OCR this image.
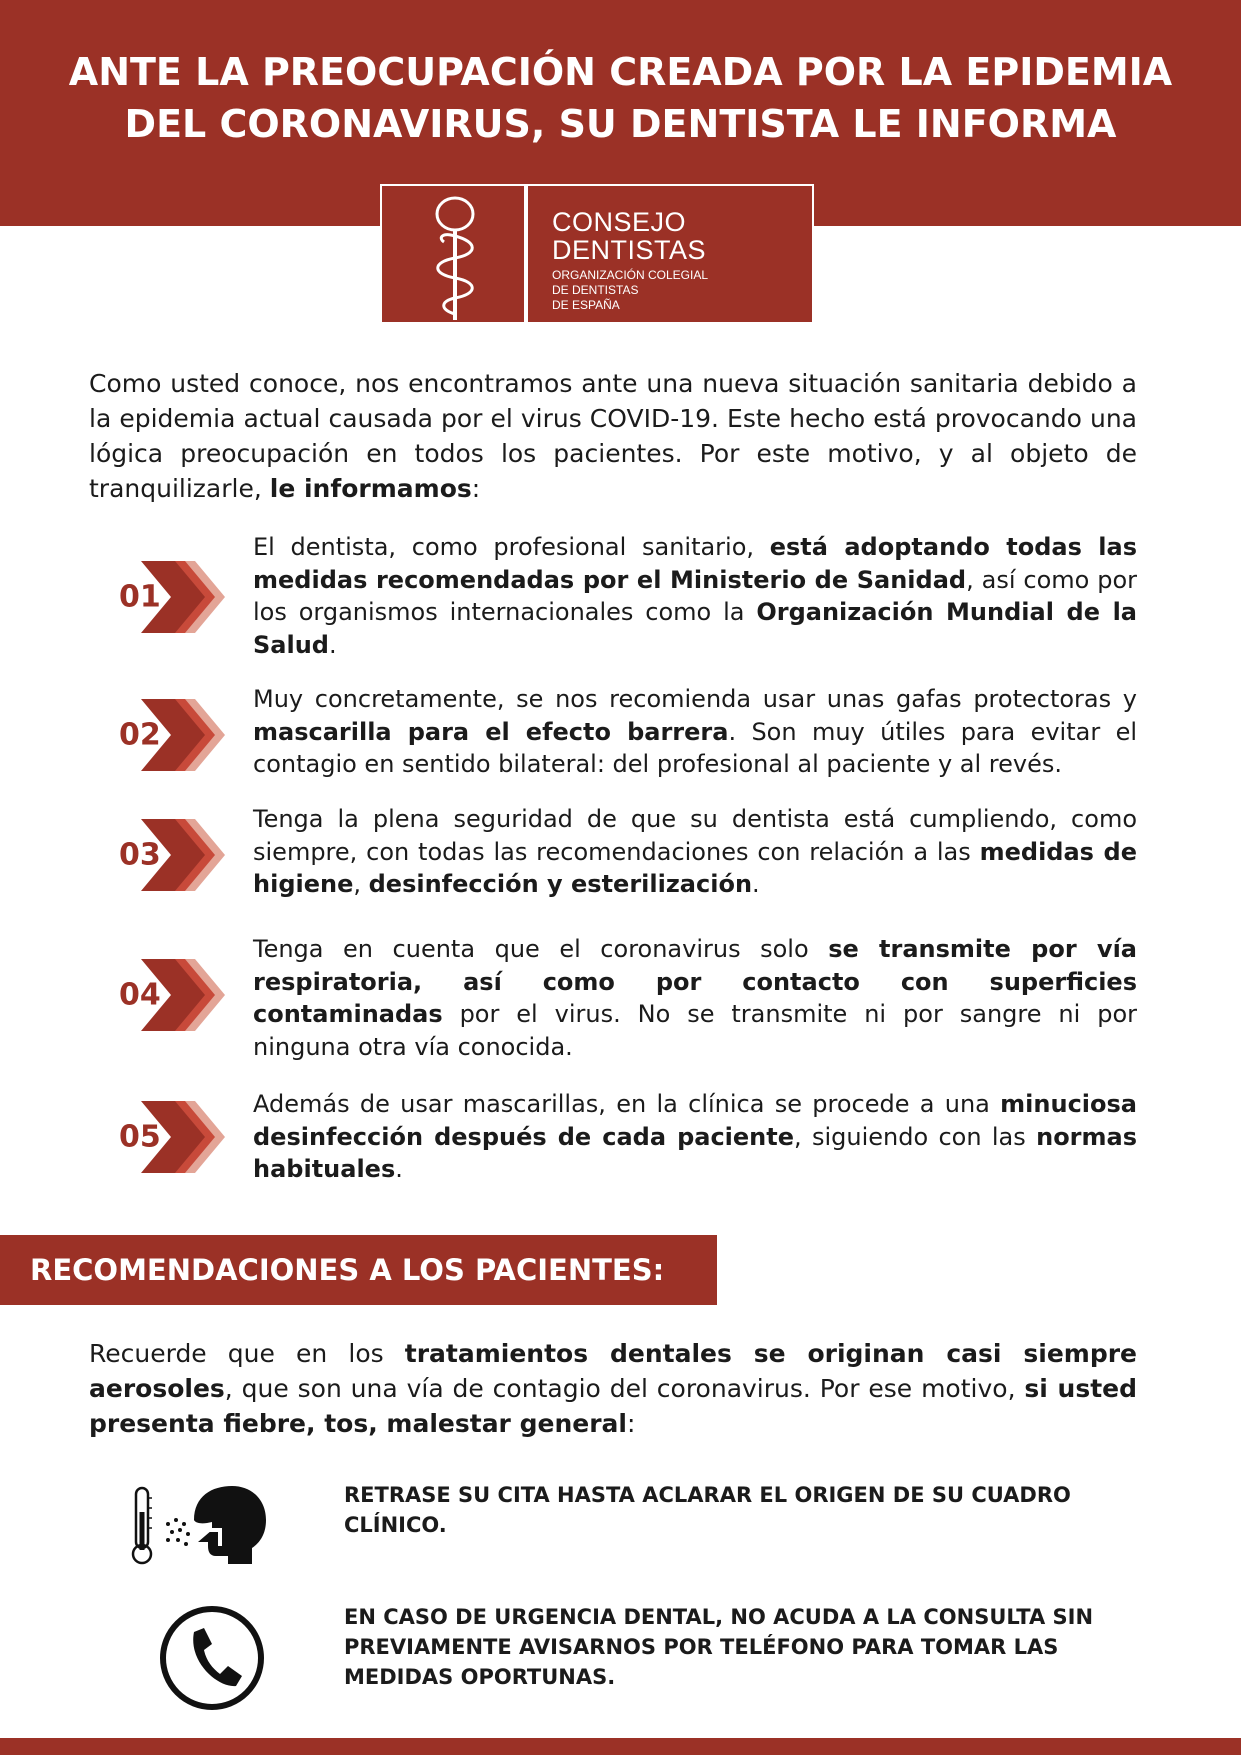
ANTE LA PREOCUPACIÓN CREADA POR LA EPIDEMIA
DEL CORONAVIRUS, SU DENTISTA LE INFORMA
CONSEJO
DENTISTAS
ORGANIZACIÓN COLEGIAL
DE DENTISTAS
DE ESPAÑA

Como usted conoce, nos encontramos ante una nueva situación sanitaria debido a la epidemia actual causada por el virus COVID-19. Este hecho está provocando una lógica preocupación en todos los pacientes. Por este motivo, y al objeto de tranquilizarle, le informamos:

01

El dentista, como profesional sanitario, está adoptando todas las medidas recomendadas por el Ministerio de Sanidad, así como por los organismos internacionales como la Organización Mundial de la Salud.

02

Muy concretamente, se nos recomienda usar unas gafas protectoras y mascarilla para el efecto barrera. Son muy útiles para evitar el contagio en sentido bilateral: del profesional al paciente y al revés.

03

Tenga la plena seguridad de que su dentista está cumpliendo, como siempre, con todas las recomendaciones con relación a las medidas de higiene, desinfección y esterilización.

04

Tenga en cuenta que el coronavirus solo se transmite por vía respiratoria, así como por contacto con superficies contaminadas por el virus. No se transmite ni por sangre ni por ninguna otra vía conocida.

05

Además de usar mascarillas, en la clínica se procede a una minuciosa desinfección después de cada paciente, siguiendo con las normas habituales.

RECOMENDACIONES A LOS PACIENTES:

Recuerde que en los tratamientos dentales se originan casi siempre aerosoles, que son una vía de contagio del coronavirus. Por ese motivo, si usted presenta fiebre, tos, malestar general:

RETRASE SU CITA HASTA ACLARAR EL ORIGEN DE SU CUADRO CLÍNICO.

EN CASO DE URGENCIA DENTAL, NO ACUDA A LA CONSULTA SIN PREVIAMENTE AVISARNOS POR TELÉFONO PARA TOMAR LAS MEDIDAS OPORTUNAS.
